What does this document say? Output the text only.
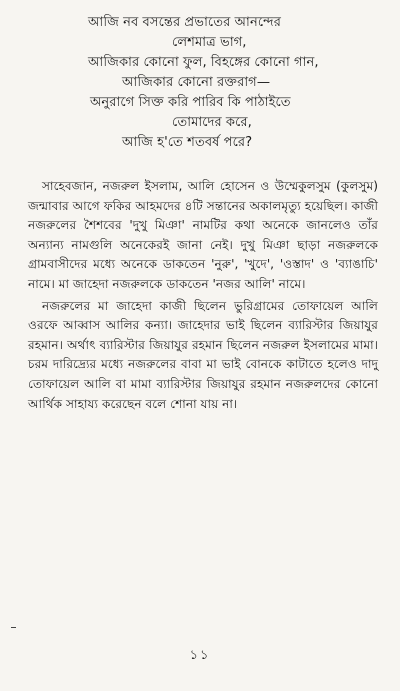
আজি নব বসন্তের প্রভাতের আনন্দের
লেশমাত্র ভাগ,
আজিকার কোনো ফুল, বিহঙ্গের কোনো গান,
আজিকার কোনো রক্তরাগ—
অনুরাগে সিক্ত করি পারিব কি পাঠাইতে
তোমাদের করে,
আজি হ'তে শতবর্ষ পরে?

সাহেবজান, নজরুল ইসলাম, আলি হোসেন ও উম্মেকুলসুম (কুলসুম) জন্মাবার আগে ফকির আহমদের ৪টি সন্তানের অকালমৃত্যু হয়েছিল। কাজী নজরুলের শৈশবের 'দুখু মিঞা' নামটির কথা অনেকে জানলেও তাঁর অন্যান্য নামগুলি অনেকেরই জানা নেই। দুখু মিঞা ছাড়া নজরুলকে গ্রামবাসীদের মধ্যে অনেকে ডাকতেন 'নুরু', 'খুদে', 'ওস্তাদ' ও 'ব্যাঙাচি' নামে। মা জাহেদা নজরুলকে ডাকতেন 'নজর আলি' নামে।

নজরুলের মা জাহেদা কাজী ছিলেন ভুরিগ্রামের তোফায়েল আলি ওরফে আব্বাস আলির কন্যা। জাহেদার ভাই ছিলেন ব্যারিস্টার জিয়াযুর রহমান। অর্থাৎ ব্যারিস্টার জিয়াযুর রহমান ছিলেন নজরুল ইসলামের মামা। চরম দারিদ্র্যের মধ্যে নজরুলের বাবা মা ভাই বোনকে কাটাতে হলেও দাদু তোফায়েল আলি বা মামা ব্যারিস্টার জিয়াযুর রহমান নজরুলদের কোনো আর্থিক সাহায্য করেছেন বলে শোনা যায় না।

১১
